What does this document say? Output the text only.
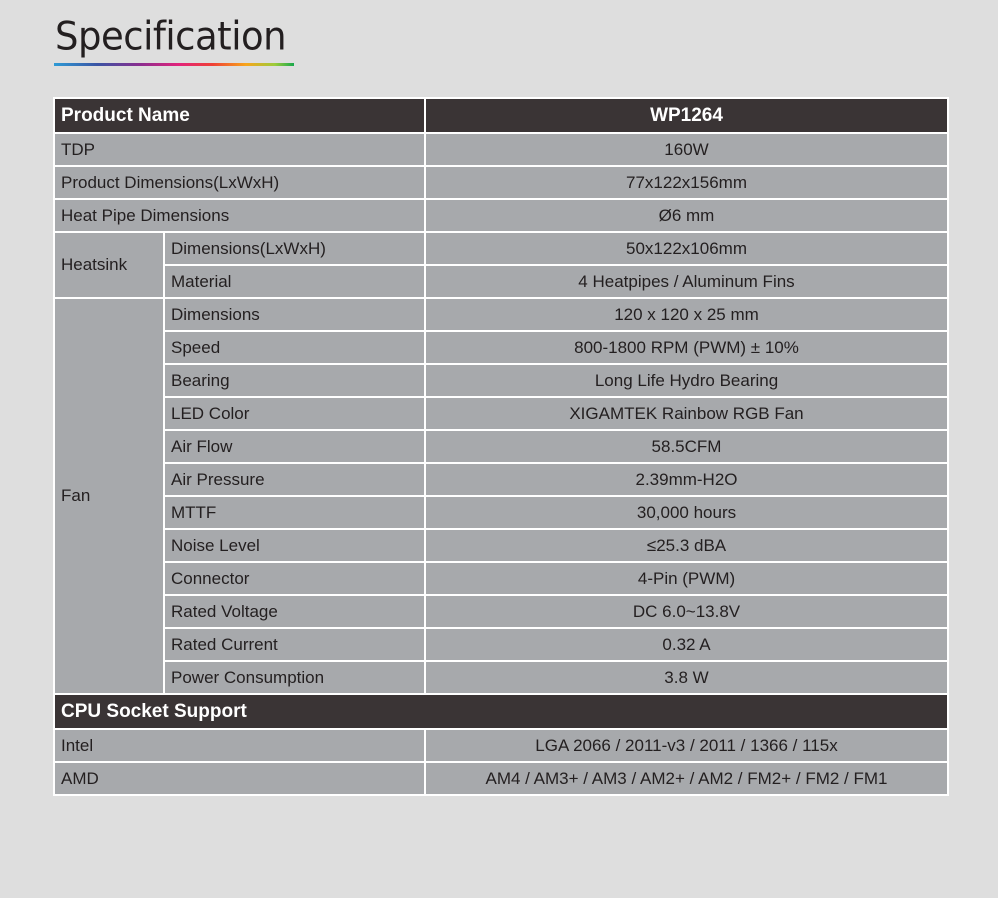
Specification
Product Name		WP1264
TDP		160W
Product Dimensions(LxWxH)		77x122x156mm
Heat Pipe Dimensions		Ø6 mm
Heatsink	Dimensions(LxWxH)	50x122x106mm
	Material	4 Heatpipes / Aluminum Fins
Fan	Dimensions	120 x 120 x 25 mm
	Speed	800-1800 RPM (PWM) ± 10%
	Bearing	Long Life Hydro Bearing
	LED Color	XIGAMTEK Rainbow RGB Fan
	Air Flow	58.5CFM
	Air Pressure	2.39mm-H2O
	MTTF	30,000 hours
	Noise Level	≤25.3 dBA
	Connector	4-Pin (PWM)
	Rated Voltage	DC 6.0~13.8V
	Rated Current	0.32 A
	Power Consumption	3.8 W
CPU Socket Support		
Intel		LGA 2066 / 2011-v3 / 2011 / 1366 / 115x
AMD		AM4 / AM3+ / AM3 / AM2+ / AM2 / FM2+ / FM2 / FM1
